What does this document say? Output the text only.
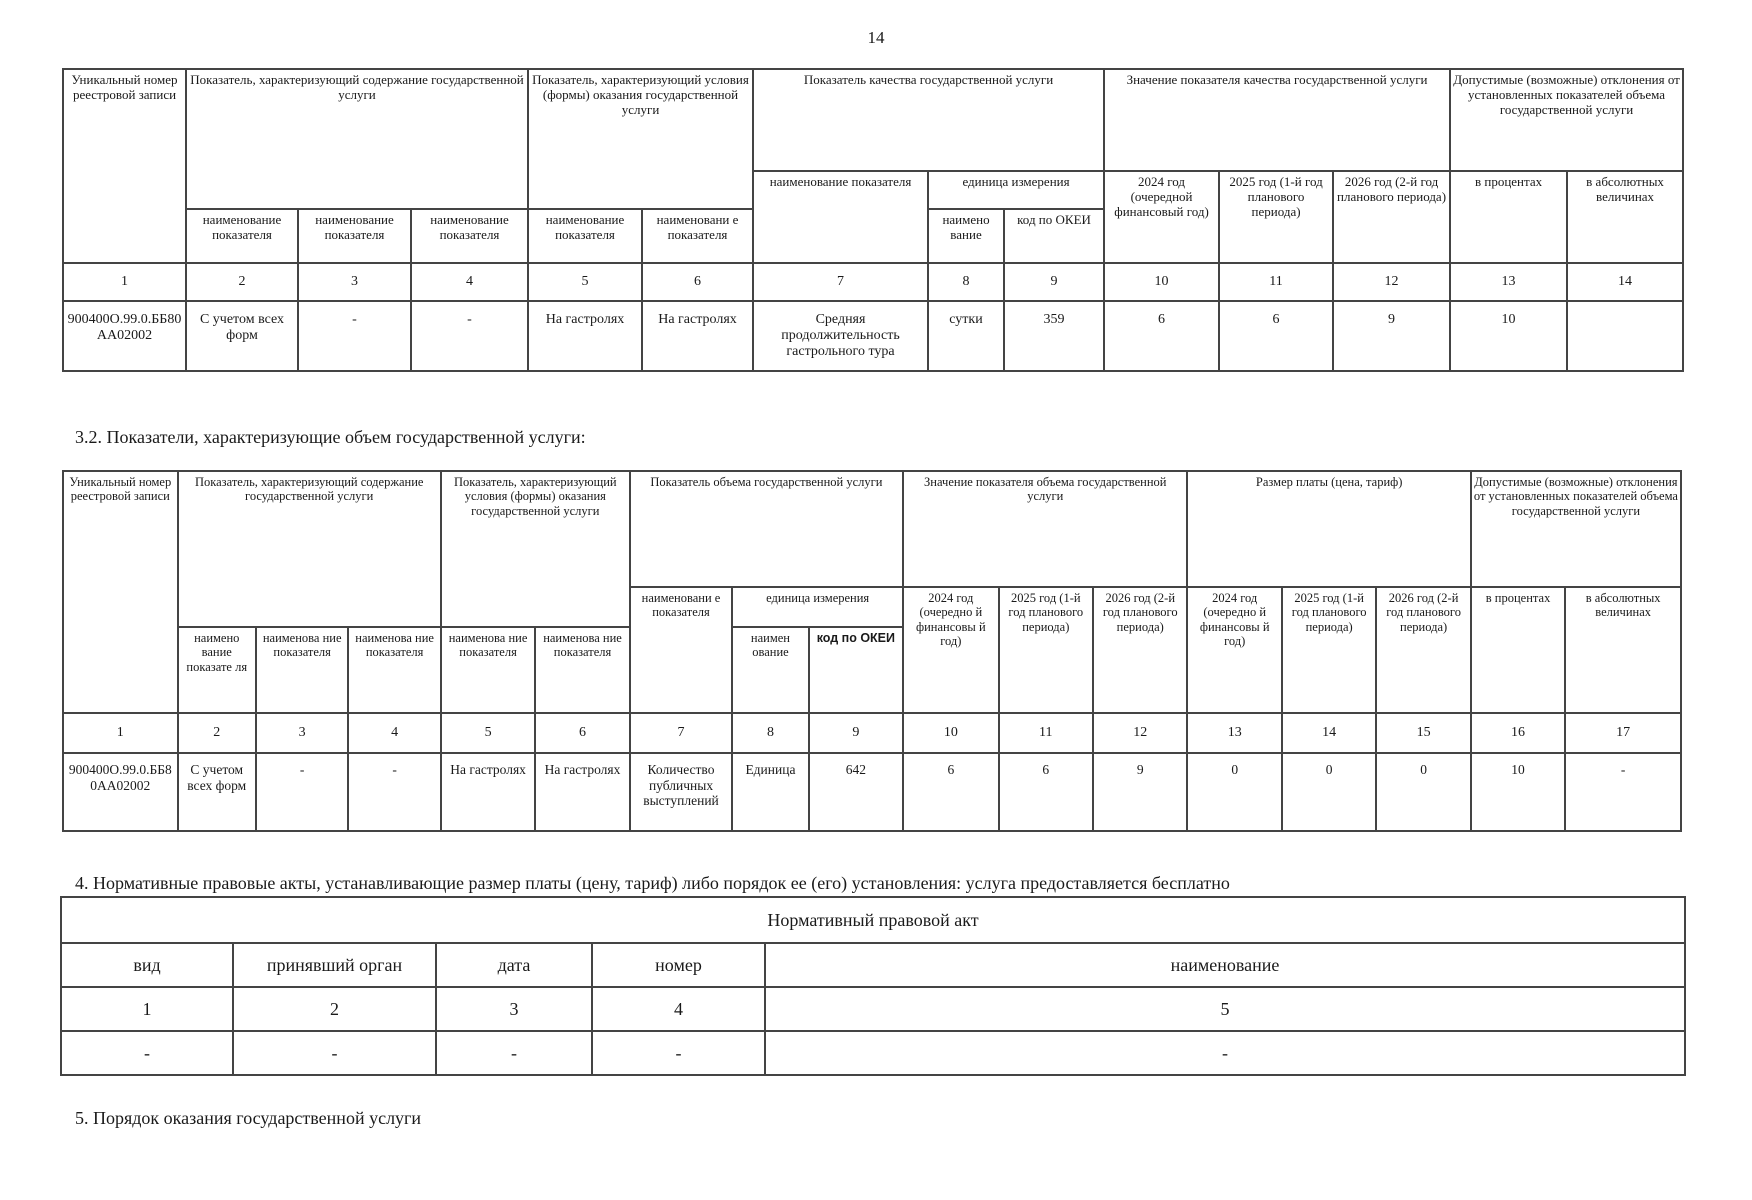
14
Уникальный номер реестровой записи	Показатель, характеризующий содержание государственной услуги			Показатель, характеризующий условия (формы) оказания государственной услуги		Показатель качества государственной услуги			Значение показателя качества государственной услуги			Допустимые (возможные) отклонения от установленных показателей объема государственной услуги	
						наименование показателя	единица измерения		2024 год (очередной финансовый год)	2025 год (1-й год планового периода)	2026 год (2-й год планового периода)	в процентах	в абсолютных величинах
	наименование показателя	наименование показателя	наименование показателя	наименование показателя	наименовани е показателя		наимено вание	код по ОКЕИ					
1	2	3	4	5	6	7	8	9	10	11	12	13	14
900400О.99.0.ББ80АА02002	С учетом всех форм	-	-	На гастролях	На гастролях	Средняя продолжительность гастрольного тура	сутки	359	6	6	9	10	
3.2. Показатели, характеризующие объем государственной услуги:
Уникальный номер реестровой записи	Показатель, характеризующий содержание государственной услуги			Показатель, характеризующий условия (формы) оказания государственной услуги		Показатель объема государственной услуги			Значение показателя объема государственной услуги			Размер платы (цена, тариф)			Допустимые (возможные) отклонения от установленных показателей объема государственной услуги	
						наименовани е показателя	единица измерения		2024 год (очередно й финансовы й год)	2025 год (1-й год планового периода)	2026 год (2-й год планового периода)	2024 год (очередно й финансовы й год)	2025 год (1-й год планового периода)	2026 год (2-й год планового периода)	в процентах	в абсолютных величинах
	наимено вание показате ля	наименова ние показателя	наименова ние показателя	наименова ние показателя	наименова ние показателя		наимен ование	код по ОКЕИ								
1	2	3	4	5	6	7	8	9	10	11	12	13	14	15	16	17
900400О.99.0.ББ80АА02002	С учетом всех форм	-	-	На гастролях	На гастролях	Количество публичных выступлений	Единица	642	6	6	9	0	0	0	10	-
4. Нормативные правовые акты, устанавливающие размер платы (цену, тариф) либо порядок ее (его) установления: услуга предоставляется бесплатно
Нормативный правовой акт				
вид	принявший орган	дата	номер	наименование
1	2	3	4	5
-	-	-	-	-
5. Порядок оказания государственной услуги
